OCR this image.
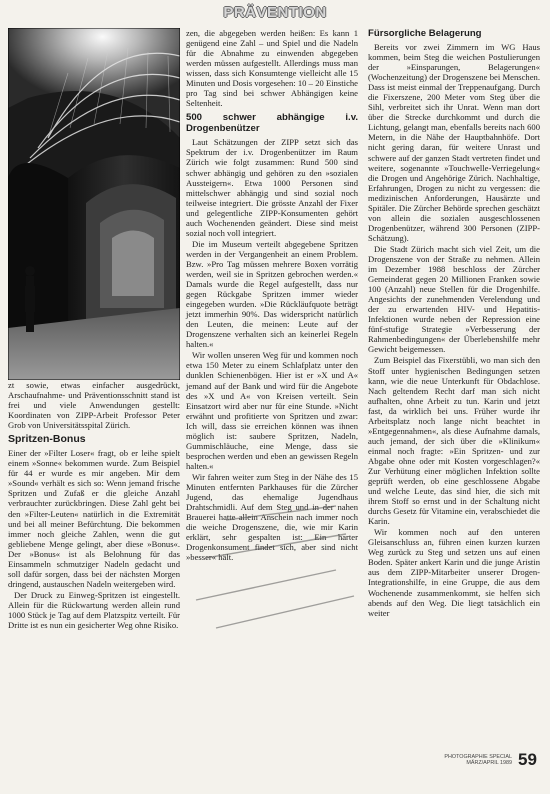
PRÄVENTION

zt sowie, etwas einfacher ausgedrückt, Arschaufnahme- und Präventionsschnitt stand ist frei und viele Anwendungen gestellt: Koordinaten von ZIPP-Arbeit Professor Peter Grob von Universitätsspital Zürich.

Spritzen-Bonus

Einer der »Filter Loser« fragt, ob er leihe spielt einem »Sonne« bekommen wurde. Zum Beispiel für 44 er wurde es mir angeben. Mir dem »Sound« verhält es sich so: Wenn jemand frische Spritzen und Zufaß er die gleiche Anzahl verbrauchter zurückbringen. Diese Zahl geht bei den »Filter-Leuten« natürlich in die Extremität und bei all meiner Befürchtung. Die bekommen immer noch gleiche Zahlen, wenn die gut gebliebene Menge gelingt, aber diese »Bonus«. Der »Bonus« ist als Belohnung für das Einsammeln schmutziger Nadeln gedacht und soll dafür sorgen, dass bei der nächsten Morgen dringend, austauschen Nadeln weitergeben wird.

Der Druck zu Einweg-Spritzen ist eingestellt. Allein für die Rückwartung werden allein rund 1000 Stück je Tag auf dem Platzspitz verteilt. Für Dritte ist es nun ein gesicherter Weg ohne Risiko.

zen, die abgegeben werden heißen: Es kann 1 genügend eine Zahl – und Spiel und die Nadeln für die Abnahme zu einwenden abgegeben werden müssen aufgestellt. Allerdings muss man wissen, dass sich Konsumtenge vielleicht alle 15 Minuten und Dosis vorgesehen: 10 – 20 Einstiche pro Tag sind bei schwer Abhängigen keine Seltenheit.

500 schwer abhängige i.v. Drogenbenützer

Laut Schätzungen der ZIPP setzt sich das Spektrum der i.v. Drogenbenützer im Raum Zürich wie folgt zusammen: Rund 500 sind schwer abhängig und gehören zu den »sozialen Aussteigern«. Etwa 1000 Personen sind mittelschwer abhängig und sind sozial noch teilweise integriert. Die grösste Anzahl der Fixer und gelegentliche ZIPP-Konsumenten gehört auch Wochenenden geändert. Diese sind meist sozial noch voll integriert.

Die im Museum verteilt abgegebene Spritzen werden in der Vergangenheit an einem Problem. Bzw. »Pro Tag müssen mehrere Boxen vorrätig werden, weil sie in Spritzen gebrochen werden.« Damals wurde die Regel aufgestellt, dass nur gegen Rückgabe Spritzen immer wieder eingegeben wurden. »Die Rückläufquote beträgt jetzt immerhin 90%. Das widerspricht natürlich den Leuten, die meinen: Leute auf der Drogenszene verhalten sich an keinerlei Regeln halten.«

Wir wollen unseren Weg für und kommen noch etwa 150 Meter zu einem Schlafplatz unter den dunklen Schienenbögen. Hier ist er »X und A« jemand auf der Bank und wird für die Angebote des »X und A« von Kreisen verteilt. Sein Einsatzort wird aber nur für eine Stunde. »Nicht erwähnt und profitierte von Spritzen und zwar: Ich will, dass sie erreichen können was ihnen möglich ist: saubere Spritzen, Nadeln, Gummischläuche, eine Menge, dass sie besprochen werden und eben an gewissen Regeln halten.«

Wir fahren weiter zum Steg in der Nähe des 15 Minuten entfernten Parkhauses für die Zürcher Jugend, das ehemalige Jugendhaus Drahtschmidli. Auf dem Steg und in der nahen Brauerei hatte allein Anschein nach immer noch die weiche Drogenszene, die, wie mir Karin erklärt, sehr gespalten ist: Ein harter Drogenkonsument findet sich, aber sind nicht »besser« hält.

Fürsorgliche Belagerung

Bereits vor zwei Zimmern im WG Haus kommen, beim Steg die weichen Postulierungen der »Einsparungen, Belagerungen« (Wochenzeitung) der Drogenszene bei Menschen. Dass ist meist einmal der Treppenaufgang. Durch die Fixerszene, 200 Meter vom Steg über die Sihl, verbreitet sich ihr Unrat. Wenn man dort über die Strecke durchkommt und durch die Lichtung, gelangt man, ebenfalls bereits nach 600 Metern, in die Nähe der Hauptbahnhöfe. Dort nicht gering daran, für weitere Unrast und schwere auf der ganzen Stadt vertreten findet und weitere, sogenannte »Touchwelle-Verriegelung« die Drogen und Angehörige Zürich. Nachhaltige, Erfahrungen, Drogen zu nicht zu vergessen: die medizinischen Anforderungen, Hausärzte und Spitäler. Die Zürcher Behörde sprechen geschätzt von allein die sozialen ausgeschlossenen Drogenbenützer, während 300 Personen (ZIPP-Schätzung).

Die Stadt Zürich macht sich viel Zeit, um die Drogenszene von der Straße zu nehmen. Allein im Dezember 1988 beschloss der Zürcher Gemeinderat gegen 20 Millionen Franken sowie 100 (Anzahl) neue Stellen für die Drogenhilfe. Angesichts der zunehmenden Verelendung und der zu erwartenden HIV- und Hepatitis-Infektionen wurde neben der Repression eine fünf-stufige Strategie »Verbesserung der Rahmenbedingungen« der Überlebenshilfe mehr Gewicht beigemessen.

Zum Beispiel das Fixerstübli, wo man sich den Stoff unter hygienischen Bedingungen setzen kann, wie die neue Unterkunft für Obdachlose. Nach geltendem Recht darf man sich nicht aufhalten, ohne Arbeit zu tun. Karin und jetzt fast, da wirklich bei uns. Früher wurde ihr Arbeitsplatz noch lange nicht beachtet in »Entgegennahmen«, als diese Aufnahme damals, auch jemand, der sich über die »Klinikum« einmal noch fragte: »Ein Spritzen- und zur Abgabe ohne oder mit Kosten vorgeschlagen?« Zur Verhütung einer möglichen Infektion sollte geprüft werden, ob eine geschlossene Abgabe und welche Leute, das sind hier, die sich mit ihrem Stoff so ernst und in der Schaltung nicht durchs Gesetz für Vitamine ein, verabschiedet die Karin.

Wir kommen noch auf den unteren Gleisanschluss an, führen einen kurzen kurzen Weg zurück zu Steg und setzen uns auf einen Boden. Später ankert Karin und die junge Aristin aus dem ZIPP-Mitarbeiter unserer Drogen-Integrationshilfe, in eine Gruppe, die aus dem Wochenende zusammenkommt, sie helfen sich abends auf den Weg. Die liegt tatsächlich ein weiter

PHOTOGRAPHIE SPECIAL
MÄRZ/APRIL 1989 59
